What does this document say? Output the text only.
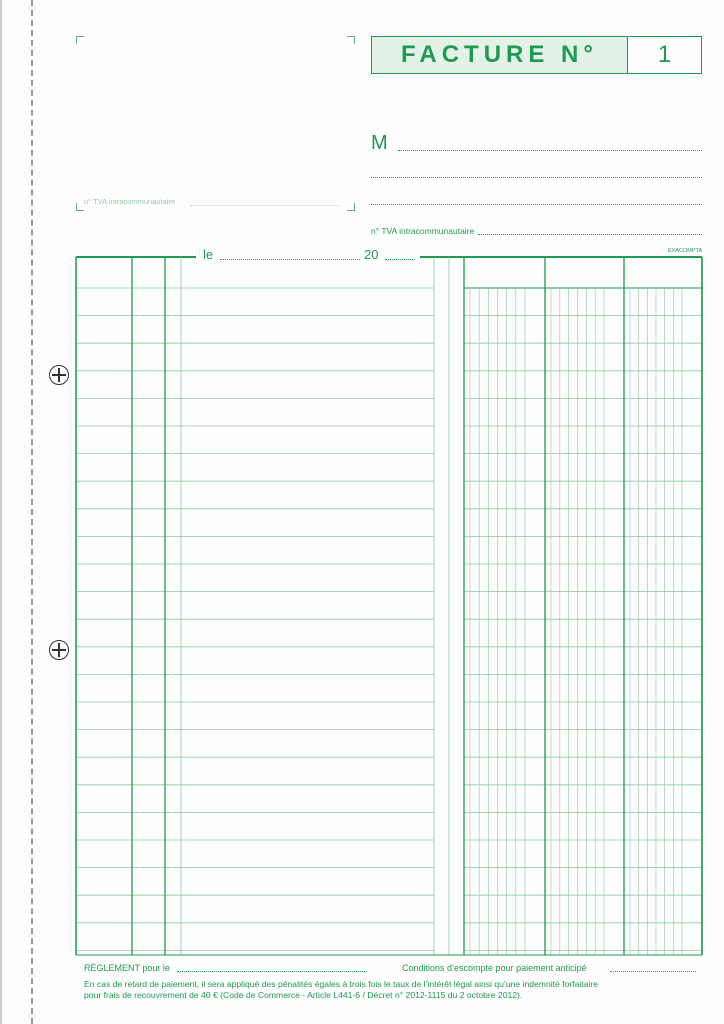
n° TVA intracommunautaire
FACTURE N°	1
M
n° TVA intracommunautaire
EXACOMPTA
le	20
RÈGLEMENT pour le	Conditions d’escompte pour paiement anticipé
En cas de retard de paiement, il sera appliqué des pénalités égales à trois fois le taux de l’intérêt légal ainsi qu’une indemnité forfaitaire
pour frais de recouvrement de 40 € (Code de Commerce - Article L441-6 / Décret n° 2012-1115 du 2 octobre 2012).
